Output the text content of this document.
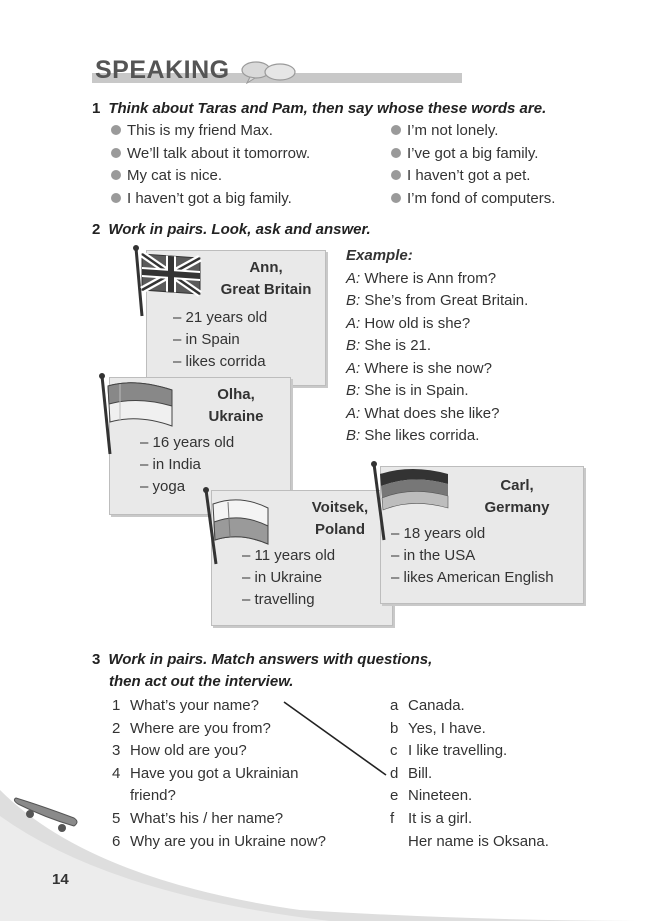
SPEAKING
1 Think about Taras and Pam, then say whose these words are.
This is my friend Max.
We’ll talk about it tomorrow.
My cat is nice.
I haven’t got a big family.
I’m not lonely.
I’ve got a big family.
I haven’t got a pet.
I’m fond of computers.
2 Work in pairs. Look, ask and answer.
Ann,
Great Britain
– 21 years old
– in Spain
– likes corrida
Olha,
Ukraine
– 16 years old
– in India
– yoga
Voitsek,
Poland
– 11 years old
– in Ukraine
– travelling
Carl,
Germany
– 18 years old
– in the USA
– likes American English
Example:
A: Where is Ann from?
B: She’s from Great Britain.
A: How old is she?
B: She is 21.
A: Where is she now?
B: She is in Spain.
A: What does she like?
B: She likes corrida.
3 Work in pairs. Match answers with questions,
then act out the interview.
1 What’s your name?
2 Where are you from?
3 How old are you?
4 Have you got a Ukrainian
friend?
5 What’s his / her name?
6 Why are you in Ukraine now?
a Canada.
b Yes, I have.
c I like travelling.
d Bill.
e Nineteen.
f It is a girl.
Her name is Oksana.
14
